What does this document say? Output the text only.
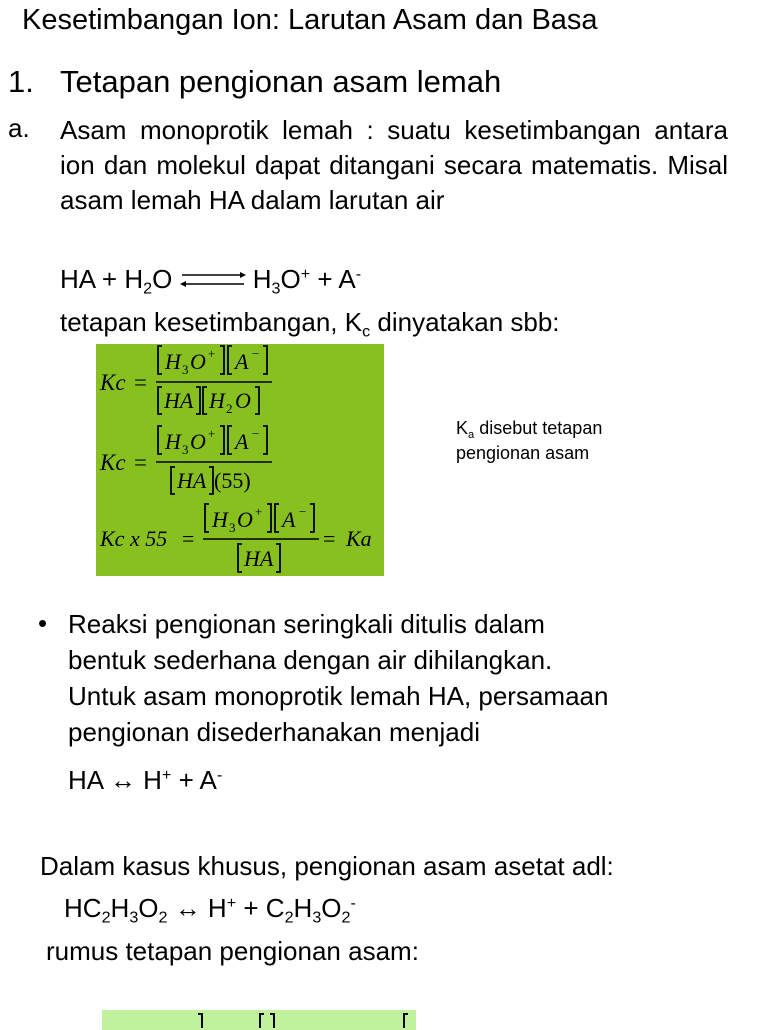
Kesetimbangan Ion: Larutan Asam dan Basa
1. Tetapan pengionan asam lemah
a. Asam monoprotik lemah : suatu kesetimbangan antara ion dan molekul dapat ditangani secara matematis. Misal asam lemah HA dalam larutan air
HA + $H_2O$ ⇌ $H_3O^+ + A^-$
tetapan kesetimbangan, $K_c$ dinyatakan sbb:
Kc =
H 3 O + A −
HA H 2 O
Kc =
H 3 O + A −
HA (55)
Kc x 55 =
H 3 O + A −
HA
= Ka
$K_a$ disebut tetapan
pengionan asam
• Reaksi pengionan seringkali ditulis dalam
bentuk sederhana dengan air dihilangkan.
Untuk asam monoprotik lemah HA, persamaan
pengionan disederhanakan menjadi
HA ↔ H+ + A-
Dalam kasus khusus, pengionan asam asetat adl:
$HC_2H_3O_2$ ↔ $H^+ + C_2H_3O_2^-$
rumus tetapan pengionan asam:
